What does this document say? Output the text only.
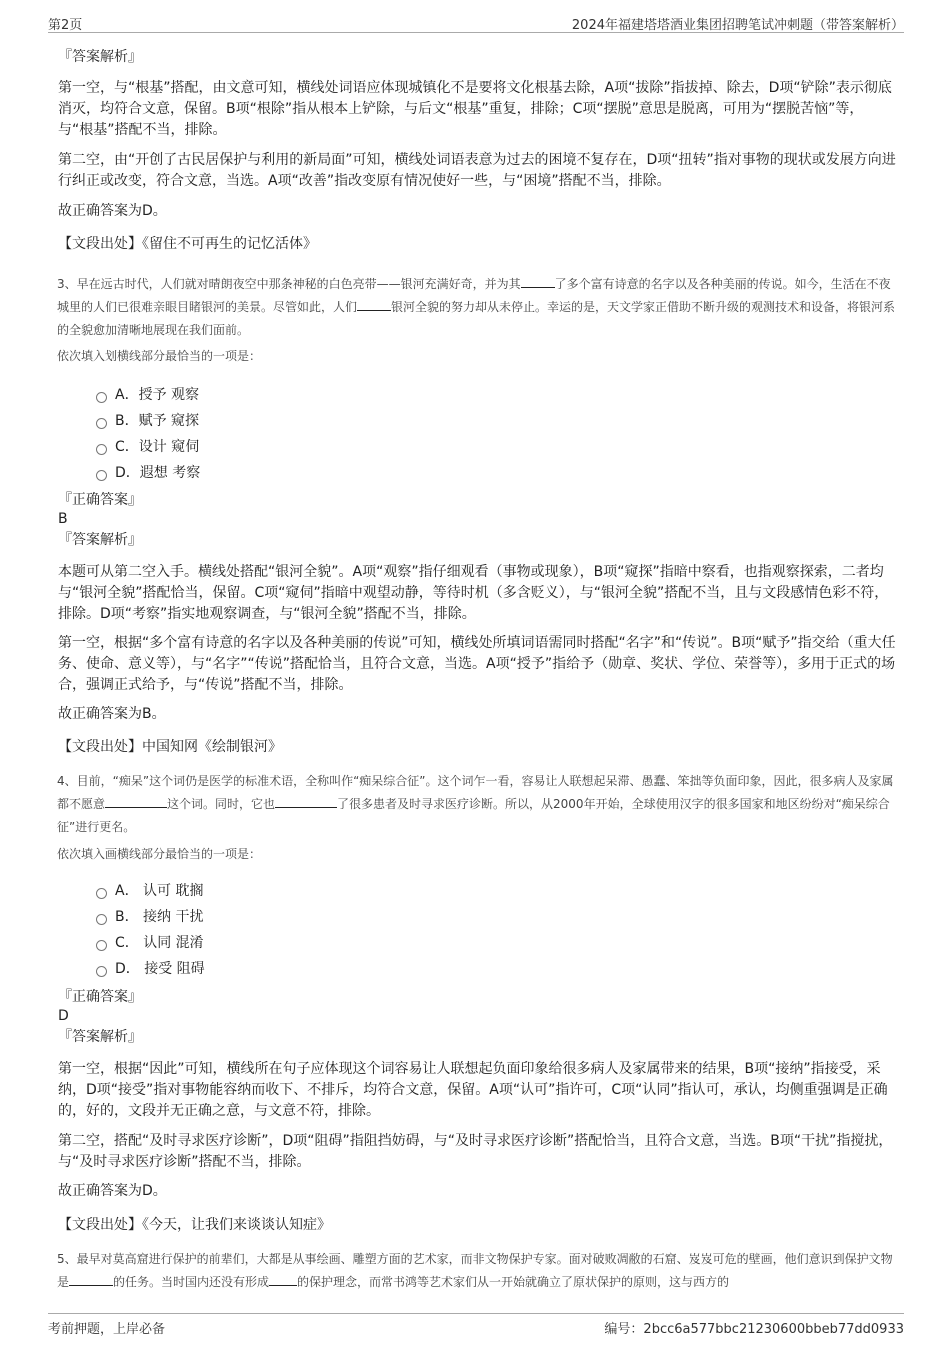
第2页	2024年福建塔塔酒业集团招聘笔试冲刺题（带答案解析）
『答案解析』
第一空，与“根基”搭配，由文意可知，横线处词语应体现城镇化不是要将文化根基去除，A项“拔除”指拔掉、除去，D项“铲除”表示彻底消灭，均符合文意，保留。B项“根除”指从根本上铲除，与后文“根基”重复，排除；C项“摆脱”意思是脱离，可用为“摆脱苦恼”等，与“根基”搭配不当，排除。
第二空，由“开创了古民居保护与利用的新局面”可知，横线处词语表意为过去的困境不复存在，D项“扭转”指对事物的现状或发展方向进行纠正或改变，符合文意，当选。A项“改善”指改变原有情况使好一些，与“困境”搭配不当，排除。
故正确答案为D。
【文段出处】《留住不可再生的记忆活体》
3、早在远古时代，人们就对晴朗夜空中那条神秘的白色亮带——银河充满好奇，并为其	了多个富有诗意的名字以及各种美丽的传说。如今，生活在不夜城里的人们已很难亲眼目睹银河的美景。尽管如此，人们	银河全貌的努力却从未停止。幸运的是，天文学家正借助不断升级的观测技术和设备，将银河系的全貌愈加清晰地展现在我们面前。
依次填入划横线部分最恰当的一项是：
A．授予 观察
B．赋予 窥探
C．设计 窥伺
D．遐想 考察
『正确答案』
B
『答案解析』
本题可从第二空入手。横线处搭配“银河全貌”。A项“观察”指仔细观看（事物或现象），B项“窥探”指暗中察看，也指观察探索，二者均与“银河全貌”搭配恰当，保留。C项“窥伺”指暗中观望动静，等待时机（多含贬义），与“银河全貌”搭配不当，且与文段感情色彩不符，排除。D项“考察”指实地观察调查，与“银河全貌”搭配不当，排除。
第一空，根据“多个富有诗意的名字以及各种美丽的传说”可知，横线处所填词语需同时搭配“名字”和“传说”。B项“赋予”指交给（重大任务、使命、意义等），与“名字”“传说”搭配恰当，且符合文意，当选。A项“授予”指给予（勋章、奖状、学位、荣誉等），多用于正式的场合，强调正式给予，与“传说”搭配不当，排除。
故正确答案为B。
【文段出处】中国知网《绘制银河》
4、目前，“痴呆”这个词仍是医学的标准术语，全称叫作“痴呆综合征”。这个词乍一看，容易让人联想起呆滞、愚蠢、笨拙等负面印象，因此，很多病人及家属都不愿意	这个词。同时，它也	了很多患者及时寻求医疗诊断。所以，从2000年开始，全球使用汉字的很多国家和地区纷纷对“痴呆综合征”进行更名。
依次填入画横线部分最恰当的一项是：
A． 认可 耽搁
B． 接纳 干扰
C． 认同 混淆
D． 接受 阻碍
『正确答案』
D
『答案解析』
第一空，根据“因此”可知，横线所在句子应体现这个词容易让人联想起负面印象给很多病人及家属带来的结果，B项“接纳”指接受，采纳，D项“接受”指对事物能容纳而收下、不排斥，均符合文意，保留。A项“认可”指许可，C项“认同”指认可，承认，均侧重强调是正确的，好的，文段并无正确之意，与文意不符，排除。
第二空，搭配“及时寻求医疗诊断”，D项“阻碍”指阻挡妨碍，与“及时寻求医疗诊断”搭配恰当，且符合文意，当选。B项“干扰”指搅扰，与“及时寻求医疗诊断”搭配不当，排除。
故正确答案为D。
【文段出处】《今天，让我们来谈谈认知症》
5、最早对莫高窟进行保护的前辈们，大都是从事绘画、雕塑方面的艺术家，而非文物保护专家。面对破败凋敝的石窟、岌岌可危的壁画，他们意识到保护文物是	的任务。当时国内还没有形成 的保护理念，而常书鸿等艺术家们从一开始就确立了原状保护的原则，这与西方的
考前押题，上岸必备	编号：2bcc6a577bbc21230600bbeb77dd0933
